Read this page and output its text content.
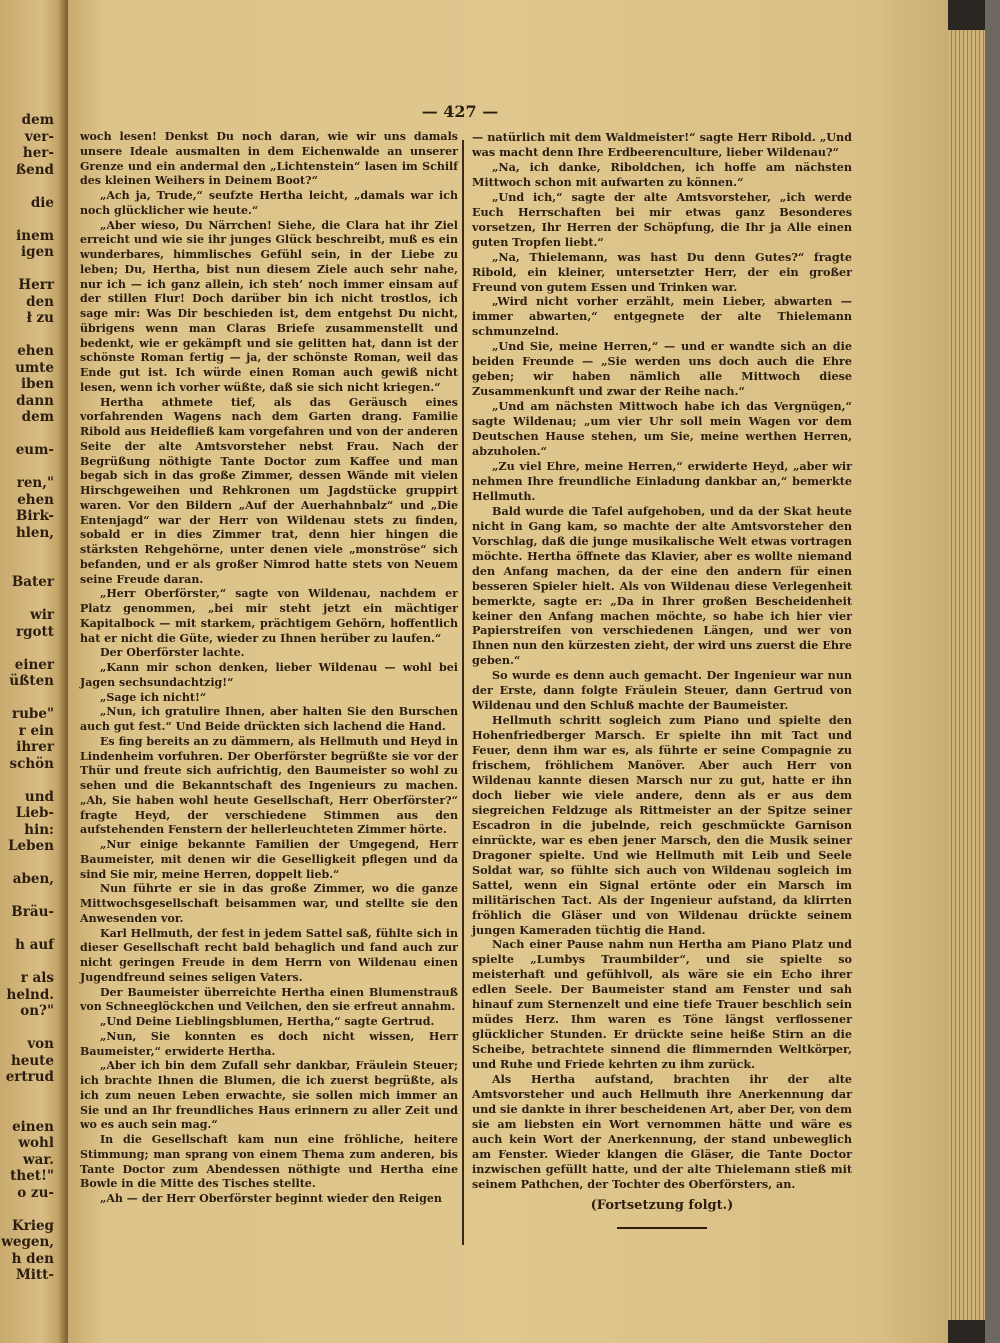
dem
ver-
her-
ßend
die
inem
igen
Herr
den
ł zu
ehen
umte
iben
dann
dem
eum-
ren,"
ehen
Birk-
hlen,
Bater
wir
rgott
einer
üßten
rube"
r ein
ihrer
schön
und
Lieb-
hin:
Leben
aben,
Bräu-
h auf
r als
helnd.
on?"
von
heute
ertrud
einen
wohl
war.
thet!"
o zu-
Krieg
wegen,
h den
Mitt-
— 427 —

woch lesen! Denkst Du noch daran, wie wir uns damals unsere Ideale ausmalten in dem Eichenwalde an unserer Grenze und ein andermal den „Lichtenstein“ lasen im Schilf des kleinen Weihers in Deinem Boot?“

„Ach ja, Trude,“ seufzte Hertha leicht, „damals war ich noch glücklicher wie heute.“

„Aber wieso, Du Närrchen! Siehe, die Clara hat ihr Ziel erreicht und wie sie ihr junges Glück beschreibt, muß es ein wunderbares, himmlisches Gefühl sein, in der Liebe zu leben; Du, Hertha, bist nun diesem Ziele auch sehr nahe, nur ich — ich ganz allein, ich steh’ noch immer einsam auf der stillen Flur! Doch darüber bin ich nicht trostlos, ich sage mir: Was Dir beschieden ist, dem entgehst Du nicht, übrigens wenn man Claras Briefe zusammenstellt und bedenkt, wie er gekämpft und sie gelitten hat, dann ist der schönste Roman fertig — ja, der schönste Roman, weil das Ende gut ist. Ich würde einen Roman auch gewiß nicht lesen, wenn ich vorher wüßte, daß sie sich nicht kriegen.“

Hertha athmete tief, als das Geräusch eines vorfahrenden Wagens nach dem Garten drang. Familie Ribold aus Heidefließ kam vorgefahren und von der anderen Seite der alte Amtsvorsteher nebst Frau. Nach der Begrüßung nöthigte Tante Doctor zum Kaffee und man begab sich in das große Zimmer, dessen Wände mit vielen Hirschgeweihen und Rehkronen um Jagdstücke gruppirt waren. Vor den Bildern „Auf der Auerhahnbalz“ und „Die Entenjagd“ war der Herr von Wildenau stets zu finden, sobald er in dies Zimmer trat, denn hier hingen die stärksten Rehgehörne, unter denen viele „monströse“ sich befanden, und er als großer Nimrod hatte stets von Neuem seine Freude daran.

„Herr Oberförster,“ sagte von Wildenau, nachdem er Platz genommen, „bei mir steht jetzt ein mächtiger Kapitalbock — mit starkem, prächtigem Gehörn, hoffentlich hat er nicht die Güte, wieder zu Ihnen herüber zu laufen.“

Der Oberförster lachte.

„Kann mir schon denken, lieber Wildenau — wohl bei Jagen sechsundachtzig!“

„Sage ich nicht!“

„Nun, ich gratulire Ihnen, aber halten Sie den Burschen auch gut fest.“ Und Beide drückten sich lachend die Hand.

Es fing bereits an zu dämmern, als Hellmuth und Heyd in Lindenheim vorfuhren. Der Oberförster begrüßte sie vor der Thür und freute sich aufrichtig, den Baumeister so wohl zu sehen und die Bekanntschaft des Ingenieurs zu machen. „Ah, Sie haben wohl heute Gesellschaft, Herr Oberförster?“ fragte Heyd, der verschiedene Stimmen aus den aufstehenden Fenstern der hellerleuchteten Zimmer hörte.

„Nur einige bekannte Familien der Umgegend, Herr Baumeister, mit denen wir die Geselligkeit pflegen und da sind Sie mir, meine Herren, doppelt lieb.“

Nun führte er sie in das große Zimmer, wo die ganze Mittwochsgesellschaft beisammen war, und stellte sie den Anwesenden vor.

Karl Hellmuth, der fest in jedem Sattel saß, fühlte sich in dieser Gesellschaft recht bald behaglich und fand auch zur nicht geringen Freude in dem Herrn von Wildenau einen Jugendfreund seines seligen Vaters.

Der Baumeister überreichte Hertha einen Blumenstrauß von Schneeglöckchen und Veilchen, den sie erfreut annahm.

„Und Deine Lieblingsblumen, Hertha,“ sagte Gertrud.

„Nun, Sie konnten es doch nicht wissen, Herr Baumeister,“ erwiderte Hertha.

„Aber ich bin dem Zufall sehr dankbar, Fräulein Steuer; ich brachte Ihnen die Blumen, die ich zuerst begrüßte, als ich zum neuen Leben erwachte, sie sollen mich immer an Sie und an Ihr freundliches Haus erinnern zu aller Zeit und wo es auch sein mag.“

In die Gesellschaft kam nun eine fröhliche, heitere Stimmung; man sprang von einem Thema zum anderen, bis Tante Doctor zum Abendessen nöthigte und Hertha eine Bowle in die Mitte des Tisches stellte.

„Ah — der Herr Oberförster beginnt wieder den Reigen

— natürlich mit dem Waldmeister!“ sagte Herr Ribold. „Und was macht denn Ihre Erdbeerenculture, lieber Wildenau?“

„Na, ich danke, Riboldchen, ich hoffe am nächsten Mittwoch schon mit aufwarten zu können.“

„Und ich,“ sagte der alte Amtsvorsteher, „ich werde Euch Herrschaften bei mir etwas ganz Besonderes vorsetzen, Ihr Herren der Schöpfung, die Ihr ja Alle einen guten Tropfen liebt.“

„Na, Thielemann, was hast Du denn Gutes?“ fragte Ribold, ein kleiner, untersetzter Herr, der ein großer Freund von gutem Essen und Trinken war.

„Wird nicht vorher erzählt, mein Lieber, abwarten — immer abwarten,“ entgegnete der alte Thielemann schmunzelnd.

„Und Sie, meine Herren,“ — und er wandte sich an die beiden Freunde — „Sie werden uns doch auch die Ehre geben; wir haben nämlich alle Mittwoch diese Zusammenkunft und zwar der Reihe nach.“

„Und am nächsten Mittwoch habe ich das Vergnügen,“ sagte Wildenau; „um vier Uhr soll mein Wagen vor dem Deutschen Hause stehen, um Sie, meine werthen Herren, abzuholen.“

„Zu viel Ehre, meine Herren,“ erwiderte Heyd, „aber wir nehmen Ihre freundliche Einladung dankbar an,“ bemerkte Hellmuth.

Bald wurde die Tafel aufgehoben, und da der Skat heute nicht in Gang kam, so machte der alte Amtsvorsteher den Vorschlag, daß die junge musikalische Welt etwas vortragen möchte. Hertha öffnete das Klavier, aber es wollte niemand den Anfang machen, da der eine den andern für einen besseren Spieler hielt. Als von Wildenau diese Verlegenheit bemerkte, sagte er: „Da in Ihrer großen Bescheidenheit keiner den Anfang machen möchte, so habe ich hier vier Papierstreifen von verschiedenen Längen, und wer von Ihnen nun den kürzesten zieht, der wird uns zuerst die Ehre geben.“

So wurde es denn auch gemacht. Der Ingenieur war nun der Erste, dann folgte Fräulein Steuer, dann Gertrud von Wildenau und den Schluß machte der Baumeister.

Hellmuth schritt sogleich zum Piano und spielte den Hohenfriedberger Marsch. Er spielte ihn mit Tact und Feuer, denn ihm war es, als führte er seine Compagnie zu frischem, fröhlichem Manöver. Aber auch Herr von Wildenau kannte diesen Marsch nur zu gut, hatte er ihn doch lieber wie viele andere, denn als er aus dem siegreichen Feldzuge als Rittmeister an der Spitze seiner Escadron in die jubelnde, reich geschmückte Garnison einrückte, war es eben jener Marsch, den die Musik seiner Dragoner spielte. Und wie Hellmuth mit Leib und Seele Soldat war, so fühlte sich auch von Wildenau sogleich im Sattel, wenn ein Signal ertönte oder ein Marsch im militärischen Tact. Als der Ingenieur aufstand, da klirrten fröhlich die Gläser und von Wildenau drückte seinem jungen Kameraden tüchtig die Hand.

Nach einer Pause nahm nun Hertha am Piano Platz und spielte „Lumbys Traumbilder“, und sie spielte so meisterhaft und gefühlvoll, als wäre sie ein Echo ihrer edlen Seele. Der Baumeister stand am Fenster und sah hinauf zum Sternenzelt und eine tiefe Trauer beschlich sein müdes Herz. Ihm waren es Töne längst verflossener glücklicher Stunden. Er drückte seine heiße Stirn an die Scheibe, betrachtete sinnend die flimmernden Weltkörper, und Ruhe und Friede kehrten zu ihm zurück.

Als Hertha aufstand, brachten ihr der alte Amtsvorsteher und auch Hellmuth ihre Anerkennung dar und sie dankte in ihrer bescheidenen Art, aber Der, von dem sie am liebsten ein Wort vernommen hätte und wäre es auch kein Wort der Anerkennung, der stand unbeweglich am Fenster. Wieder klangen die Gläser, die Tante Doctor inzwischen gefüllt hatte, und der alte Thielemann stieß mit seinem Pathchen, der Tochter des Oberförsters, an.

(Fortsetzung folgt.)
